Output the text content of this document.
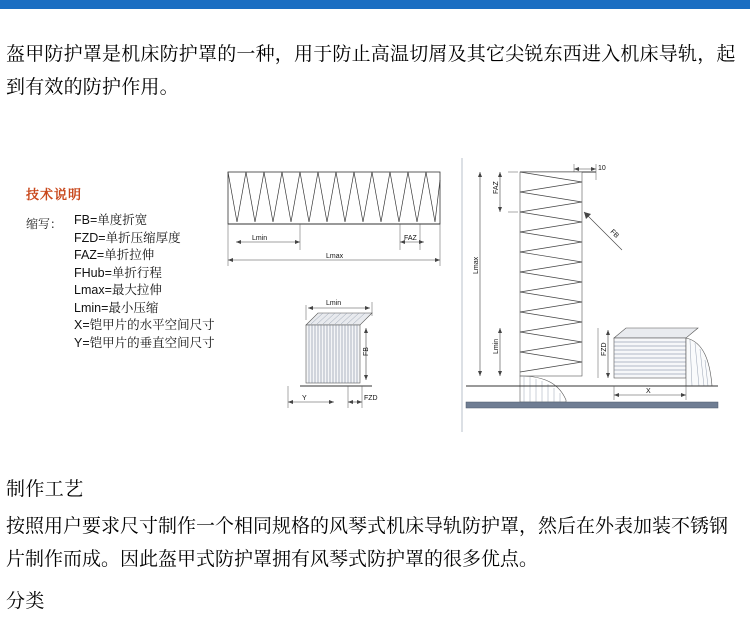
盔甲防护罩是机床防护罩的一种，用于防止高温切屑及其它尖锐东西进入机床导轨，起到有效的防护作用。
技术说明
缩写： FB=单度折宽
FZD=单折压缩厚度
FAZ=单折拉伸
FHub=单折行程
Lmax=最大拉伸
Lmin=最小压缩
X=铠甲片的水平空间尺寸
Y=铠甲片的垂直空间尺寸
Lmin	FAZ
Lmax
Lmin
FB
Y	FZD
10
FAZ
Lmax
FB
Lmin	FZD
X
制作工艺
按照用户要求尺寸制作一个相同规格的风琴式机床导轨防护罩，然后在外表加装不锈钢片制作而成。因此盔甲式防护罩拥有风琴式防护罩的很多优点。
分类
